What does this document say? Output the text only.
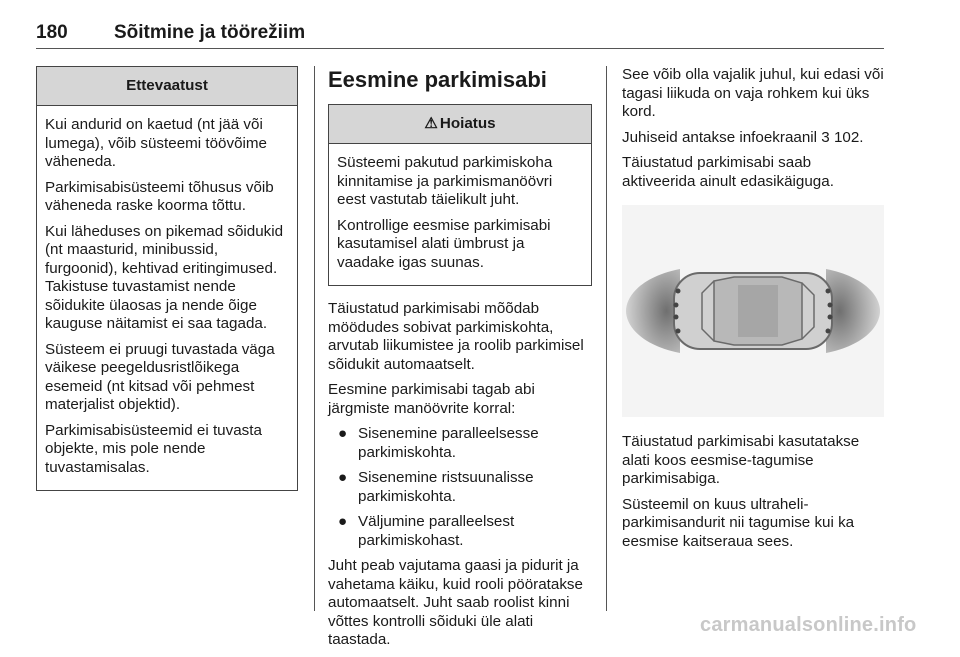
180 Sõitmine ja töörežiim
Ettevaatust

Kui andurid on kaetud (nt jää või lumega), võib süsteemi töövõime väheneda.

Parkimisabisüsteemi tõhusus võib väheneda raske koorma tõttu.

Kui läheduses on pikemad sõidukid (nt maasturid, minibussid, furgoonid), kehtivad eritingimused. Takistuse tuvastamist nende sõidukite ülaosas ja nende õige kauguse näitamist ei saa tagada.

Süsteem ei pruugi tuvastada väga väikese peegeldusristlõikega esemeid (nt kitsad või pehmest materjalist objektid).

Parkimisabisüsteemid ei tuvasta objekte, mis pole nende tuvastamisalas.

Eesmine parkimisabi
⚠ Hoiatus

Süsteemi pakutud parkimiskoha kinnitamise ja parkimismanöövri eest vastutab täielikult juht.

Kontrollige eesmise parkimisabi kasutamisel alati ümbrust ja vaadake igas suunas.

Täiustatud parkimisabi mõõdab möödudes sobivat parkimiskohta, arvutab liikumistee ja roolib parkimisel sõidukit automaatselt.

Eesmine parkimisabi tagab abi järgmiste manöövrite korral:

● Sisenemine paralleelsesse parkimiskohta.
● Sisenemine ristsuunalisse parkimiskohta.
● Väljumine paralleelsest parkimiskohast.

Juht peab vajutama gaasi ja pidurit ja vahetama käiku, kuid rooli pööratakse automaatselt. Juht saab roolist kinni võttes kontrolli sõiduki üle alati taastada.

See võib olla vajalik juhul, kui edasi või tagasi liikuda on vaja rohkem kui üks kord.

Juhiseid antakse infoekraanil 3 102.

Täiustatud parkimisabi saab aktiveerida ainult edasikäiguga.

Täiustatud parkimisabi kasutatakse alati koos eesmise-tagumise parkimisabiga.

Süsteemil on kuus ultraheli-parkimisandurit nii tagumise kui ka eesmise kaitseraua sees.

carmanualsonline.info
